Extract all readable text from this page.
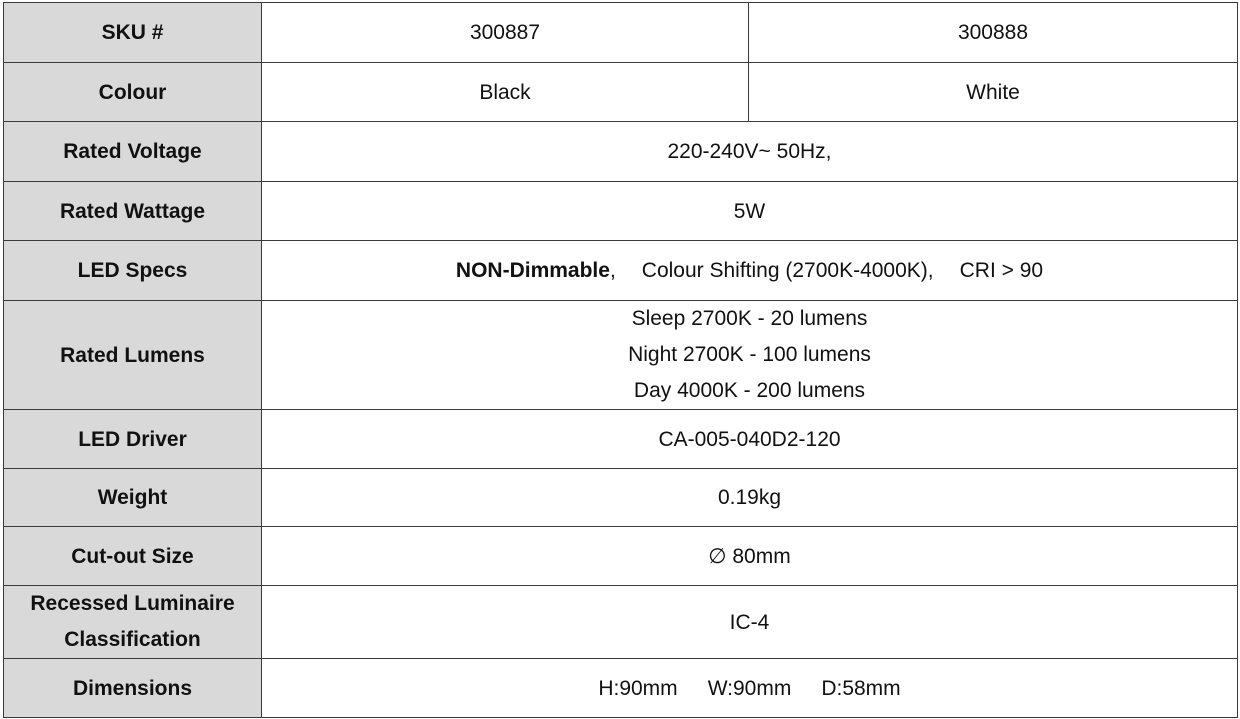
SKU #	300887	300888
Colour	Black	White
Rated Voltage	220-240V~ 50Hz,	
Rated Wattage	5W	
LED Specs	NON-Dimmable, Colour Shifting (2700K-4000K), CRI > 90	
Rated Lumens	Sleep 2700K - 20 lumens
Night 2700K - 100 lumens
Day 4000K - 200 lumens	

LED Driver	CA-005-040D2-120	
Weight	0.19kg	
Cut-out Size	∅ 80mm	

Recessed Luminaire
Classification	IC-4	
Dimensions	H:90mm W:90mm D:58mm	
